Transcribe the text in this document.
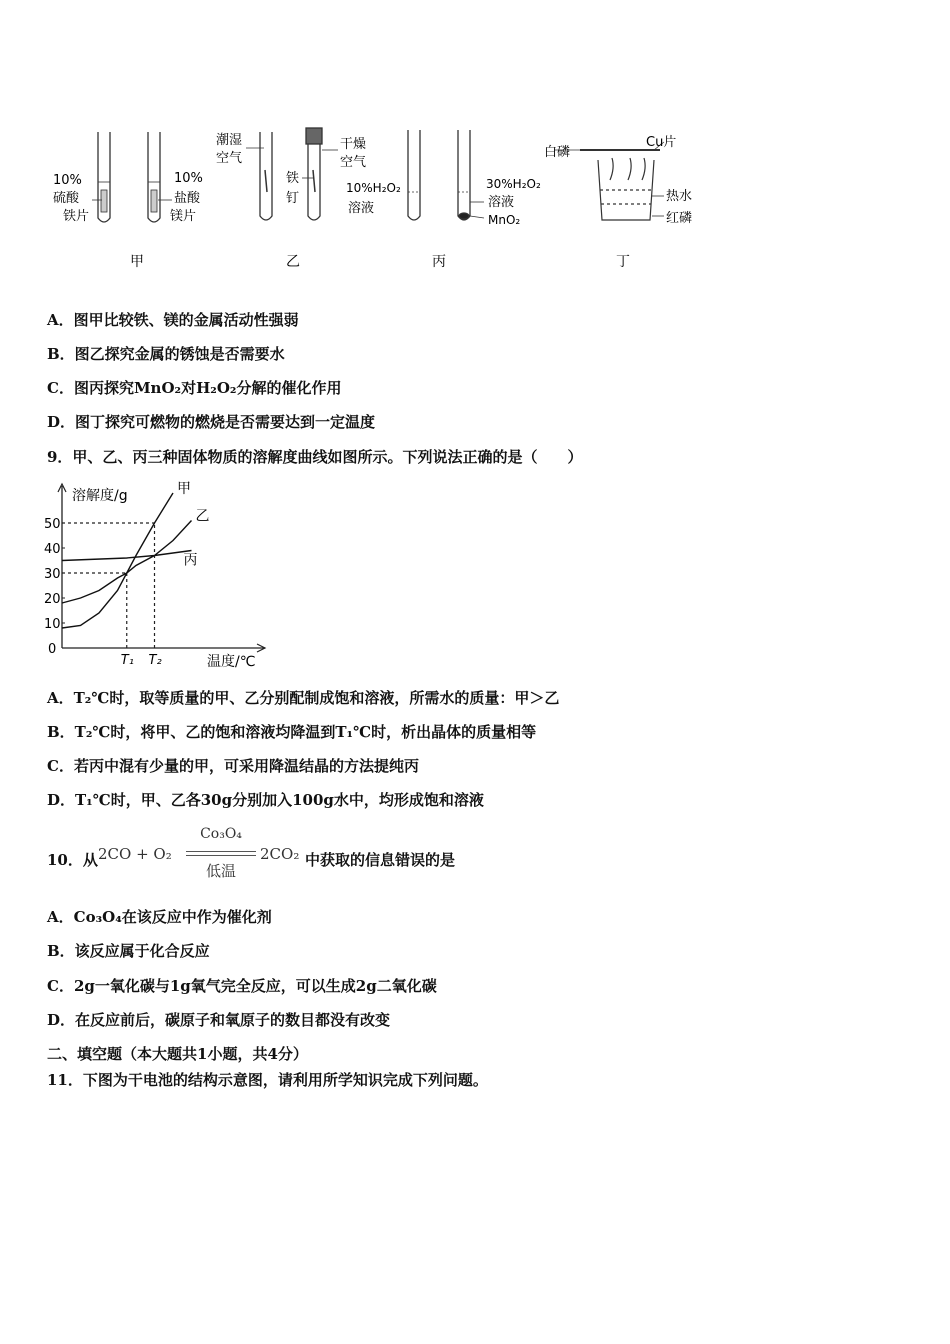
10%
硫酸
铁片
10%
盐酸
镁片
潮湿
空气
铁
钉
干燥
空气
10%H₂O₂
溶液
30%H₂O₂
溶液
MnO₂
白磷
Cu片
热水
红磷
甲	乙	丙	丁
A．图甲比较铁、镁的金属活动性强弱
B．图乙探究金属的锈蚀是否需要水
C．图丙探究MnO₂对H₂O₂分解的催化作用
D．图丁探究可燃物的燃烧是否需要达到一定温度
9．甲、乙、丙三种固体物质的溶解度曲线如图所示。下列说法正确的是（　　）
溶解度/g
温度/℃
0
10
20
30
40
50
T₁ T₂
甲
乙
丙
A．T₂℃时，取等质量的甲、乙分别配制成饱和溶液，所需水的质量：甲＞乙
B．T₂℃时，将甲、乙的饱和溶液均降温到T₁℃时，析出晶体的质量相等
C．若丙中混有少量的甲，可采用降温结晶的方法提纯丙
D．T₁℃时，甲、乙各30g分别加入100g水中，均形成饱和溶液
10．从 2CO + O₂
Co₃O₄
低温
2CO₂ 中获取的信息错误的是
A．Co₃O₄在该反应中作为催化剂
B．该反应属于化合反应
C．2g一氧化碳与1g氧气完全反应，可以生成2g二氧化碳
D．在反应前后，碳原子和氧原子的数目都没有改变
二、填空题（本大题共1小题，共4分）
11．下图为干电池的结构示意图，请利用所学知识完成下列问题。
